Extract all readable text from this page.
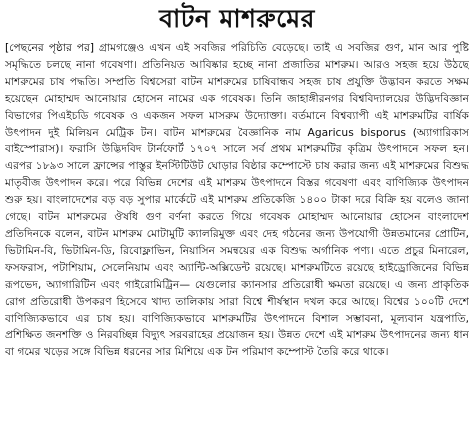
বাটন মাশরুমের
[পেছনের পৃষ্ঠার পর] গ্রামগঞ্জেও এখন এই সবজির পরিচিতি বেড়েছে। তাই এ সবজির গুণ, মান আর পুষ্টি সমৃদ্ধিতে চলছে নানা গবেষণা। প্রতিনিয়ত আবিষ্কার হচ্ছে নানা প্রজাতির মাশরুম। আরও সহজ হয়ে উঠছে মাশরুমের চাষ পদ্ধতি। সম্প্রতি বিশ্বসেরা বাটন মাশরুমের চাষিবান্ধব সহজ চাষ প্রযুক্তি উদ্ভাবন করতে সক্ষম হয়েছেন মোহাম্মদ আনোয়ার হোসেন নামের এক গবেষক। তিনি জাহাঙ্গীরনগর বিশ্ববিদ্যালয়ের উদ্ভিদবিজ্ঞান বিভাগের পিএইচডি গবেষক ও একজন সফল মাসরুম উদ্যোক্তা। বর্তমানে বিশ্বব্যাপী এই মাশরুমটির বার্ষিক উৎপাদন দুই মিলিয়ন মেট্রিক টন। বাটন মাশরুমের বৈজ্ঞানিক নাম Agaricus bisporus (অ্যাগারিকাস বাইস্পোরাস)। ফরাসি উদ্ভিদবিদ টার্নফোর্ট ১৭০৭ সালে সর্ব প্রথম মাশরুমটির কৃত্রিম উৎপাদনে সফল হন। এরপর ১৮৯৩ সালে ফ্রান্সের পাস্তুর ইনস্টিটিউট ঘোড়ার বিষ্ঠার কম্পোস্টে চাষ করার জন্য এই মাশরুমের বিশুদ্ধ মাতৃবীজ উৎপাদন করে। পরে বিভিন্ন দেশের এই মাশরুম উৎপাদনে বিস্তর গবেষণা এবং বাণিজ্যিক উৎপাদন শুরু হয়। বাংলাদেশের বড় বড় সুপার মার্কেটে এই মাশরুম প্রতিকেজি ১৪০০ টাকা দরে বিক্রি হয় বলেও জানা গেছে। বাটন মাশরুমের ঔষধি গুণ বর্ণনা করতে গিয়ে গবেষক মোহাম্মদ আনোয়ার হোসেন বাংলাদেশ প্রতিদিনকে বলেন, বাটন মাশরুম মোটামুটি ক্যালরিমুক্ত এবং দেহ গঠনের জন্য উপযোগী উন্নতমানের প্রোটিন, ভিটামিন-বি, ভিটামিন-ডি, রিবোফ্লাভিন, নিয়াসিন সমন্বয়ের এক বিশুদ্ধ অর্গানিক পণ্য। এতে প্রচুর মিনারেল, ফসফরাস, পটাশিয়াম, সেলেনিয়াম এবং অ্যান্টি-অক্সিডেন্ট রয়েছে। মাশরুমটিতে রয়েছে হাইড্রোজিনের বিভিন্ন রূপভেদ, অ্যাগারিটিন এবং গাইরোমিট্রিন— যেগুলোর ক্যানসার প্রতিরোধী ক্ষমতা রয়েছে। এ জন্য প্রাকৃতিক রোগ প্রতিরোধী উপকরণ হিসেবে খাদ্য তালিকায় সারা বিশ্বে শীর্ষস্থান দখল করে আছে। বিশ্বের ১০০টি দেশে বাণিজ্যিকভাবে এর চাষ হয়। বাণিজ্যিকভাবে মাশরুমটির উৎপাদনে বিশাল সম্ভাবনা, মূল্যবান যন্ত্রপাতি, প্রশিক্ষিত জনশক্তি ও নিরবচ্ছিন্ন বিদ্যুৎ সরবরাহের প্রয়োজন হয়। উন্নত দেশে এই মাশরুম উৎপাদনের জন্য ধান বা গমের খড়ের সঙ্গে বিভিন্ন ধরনের সার মিশিয়ে এক টন পরিমাণ কম্পোস্ট তৈরি করে থাকে।
